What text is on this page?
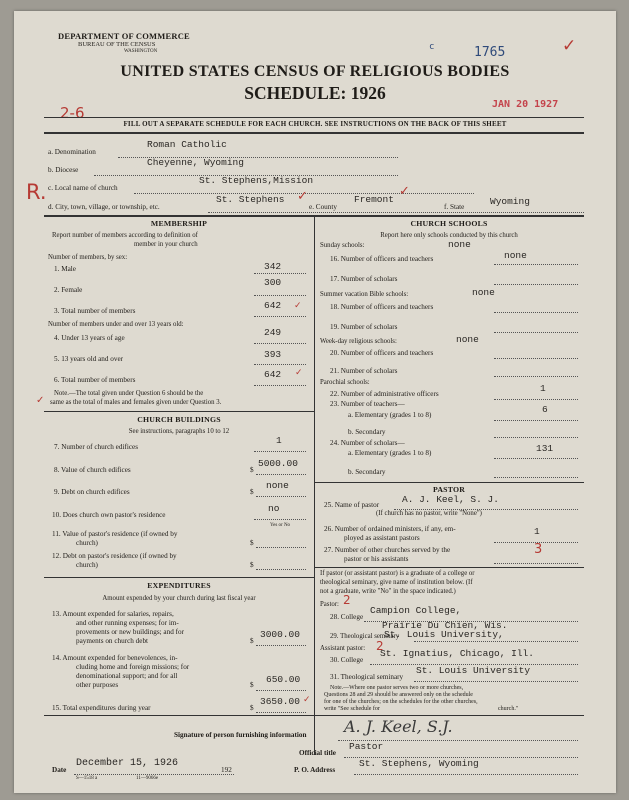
DEPARTMENT OF COMMERCE
BUREAU OF THE CENSUS
WASHINGTON	c	1765	✓
UNITED STATES CENSUS OF RELIGIOUS BODIES
SCHEDULE: 1926
2-6	JAN 20 1927
FILL OUT A SEPARATE SCHEDULE FOR EACH CHURCH. SEE INSTRUCTIONS ON THE BACK OF THIS SHEET
a. Denomination
Roman Catholic
b. Diocese
Cheyenne, Wyoming
c. Local name of church
St. Stephens,Mission
R.
d. City, town, village, or township, etc.
St. Stephens
e. County
Fremont
f. State	Wyoming
✓	✓
MEMBERSHIP
Report number of members according to definition of
member in your church
Number of members, by sex:
1. Male	342
2. Female
300
3. Total number of members	642 ✓
Number of members under and over 13 years old:
4. Under 13 years of age	249
5. 13 years old and over	393
6. Total number of members	642 ✓
Note.—The total given under Question 6 should be the
same as the total of males and females given under Question 3.
✓
CHURCH BUILDINGS
See instructions, paragraphs 10 to 12
7. Number of church edifices
1
8. Value of church edifices	$
5000.00
9. Debt on church edifices	$
none
10. Does church own pastor's residence
no
Yes or No
11. Value of pastor's residence (if owned by
church)	$
12. Debt on pastor's residence (if owned by
church)	$
EXPENDITURES
Amount expended by your church during last fiscal year
13. Amount expended for salaries, repairs,
and other running expenses; for im-
provements or new buildings; and for
payments on church debt	$
3000.00
14. Amount expended for benevolences, in-
cluding home and foreign missions; for
denominational support; and for all
other purposes	$ 650.00
15. Total expenditures during year	$
3650.00 ✓
CHURCH SCHOOLS
Report here only schools conducted by this church
Sunday schools:	none
16. Number of officers and teachers	none
17. Number of scholars
Summer vacation Bible schools:	none
18. Number of officers and teachers
19. Number of scholars
Week-day religious schools:	none
20. Number of officers and teachers
21. Number of scholars
Parochial schools:
22. Number of administrative officers	1
23. Number of teachers—
a. Elementary (grades 1 to 8)	6
b. Secondary
24. Number of scholars—
a. Elementary (grades 1 to 8)	131
b. Secondary
PASTOR
25. Name of pastor A. J. Keel, S. J.
(If church has no pastor, write "None")
26. Number of ordained ministers, if any, em-
ployed as assistant pastors
1
27. Number of other churches served by the
pastor or his assistants
3
If pastor (or assistant pastor) is a graduate of a college or
theological seminary, give name of institution below. (If
not a graduate, write "No" in the space indicated.)
Pastor: 2
28. College
Campion College,
Prairie Du Chien, Wis.
29. Theological seminary
St. Louis University,
Assistant pastor: 2
30. College
St. Ignatius, Chicago, Ill.
31. Theological seminary
St. Louis University
Note.—Where one pastor serves two or more churches,
Questions 28 and 29 should be answered only on the schedule
for one of the churches; on the schedules for the other churches,
write "See schedule for	church."
Signature of person furnishing information A. J. Keel, S.J.
Official title
Pastor
Date
December 15, 1926
192	P. O. Address
St. Stephens, Wyoming
S—1518 a	11—9066e
